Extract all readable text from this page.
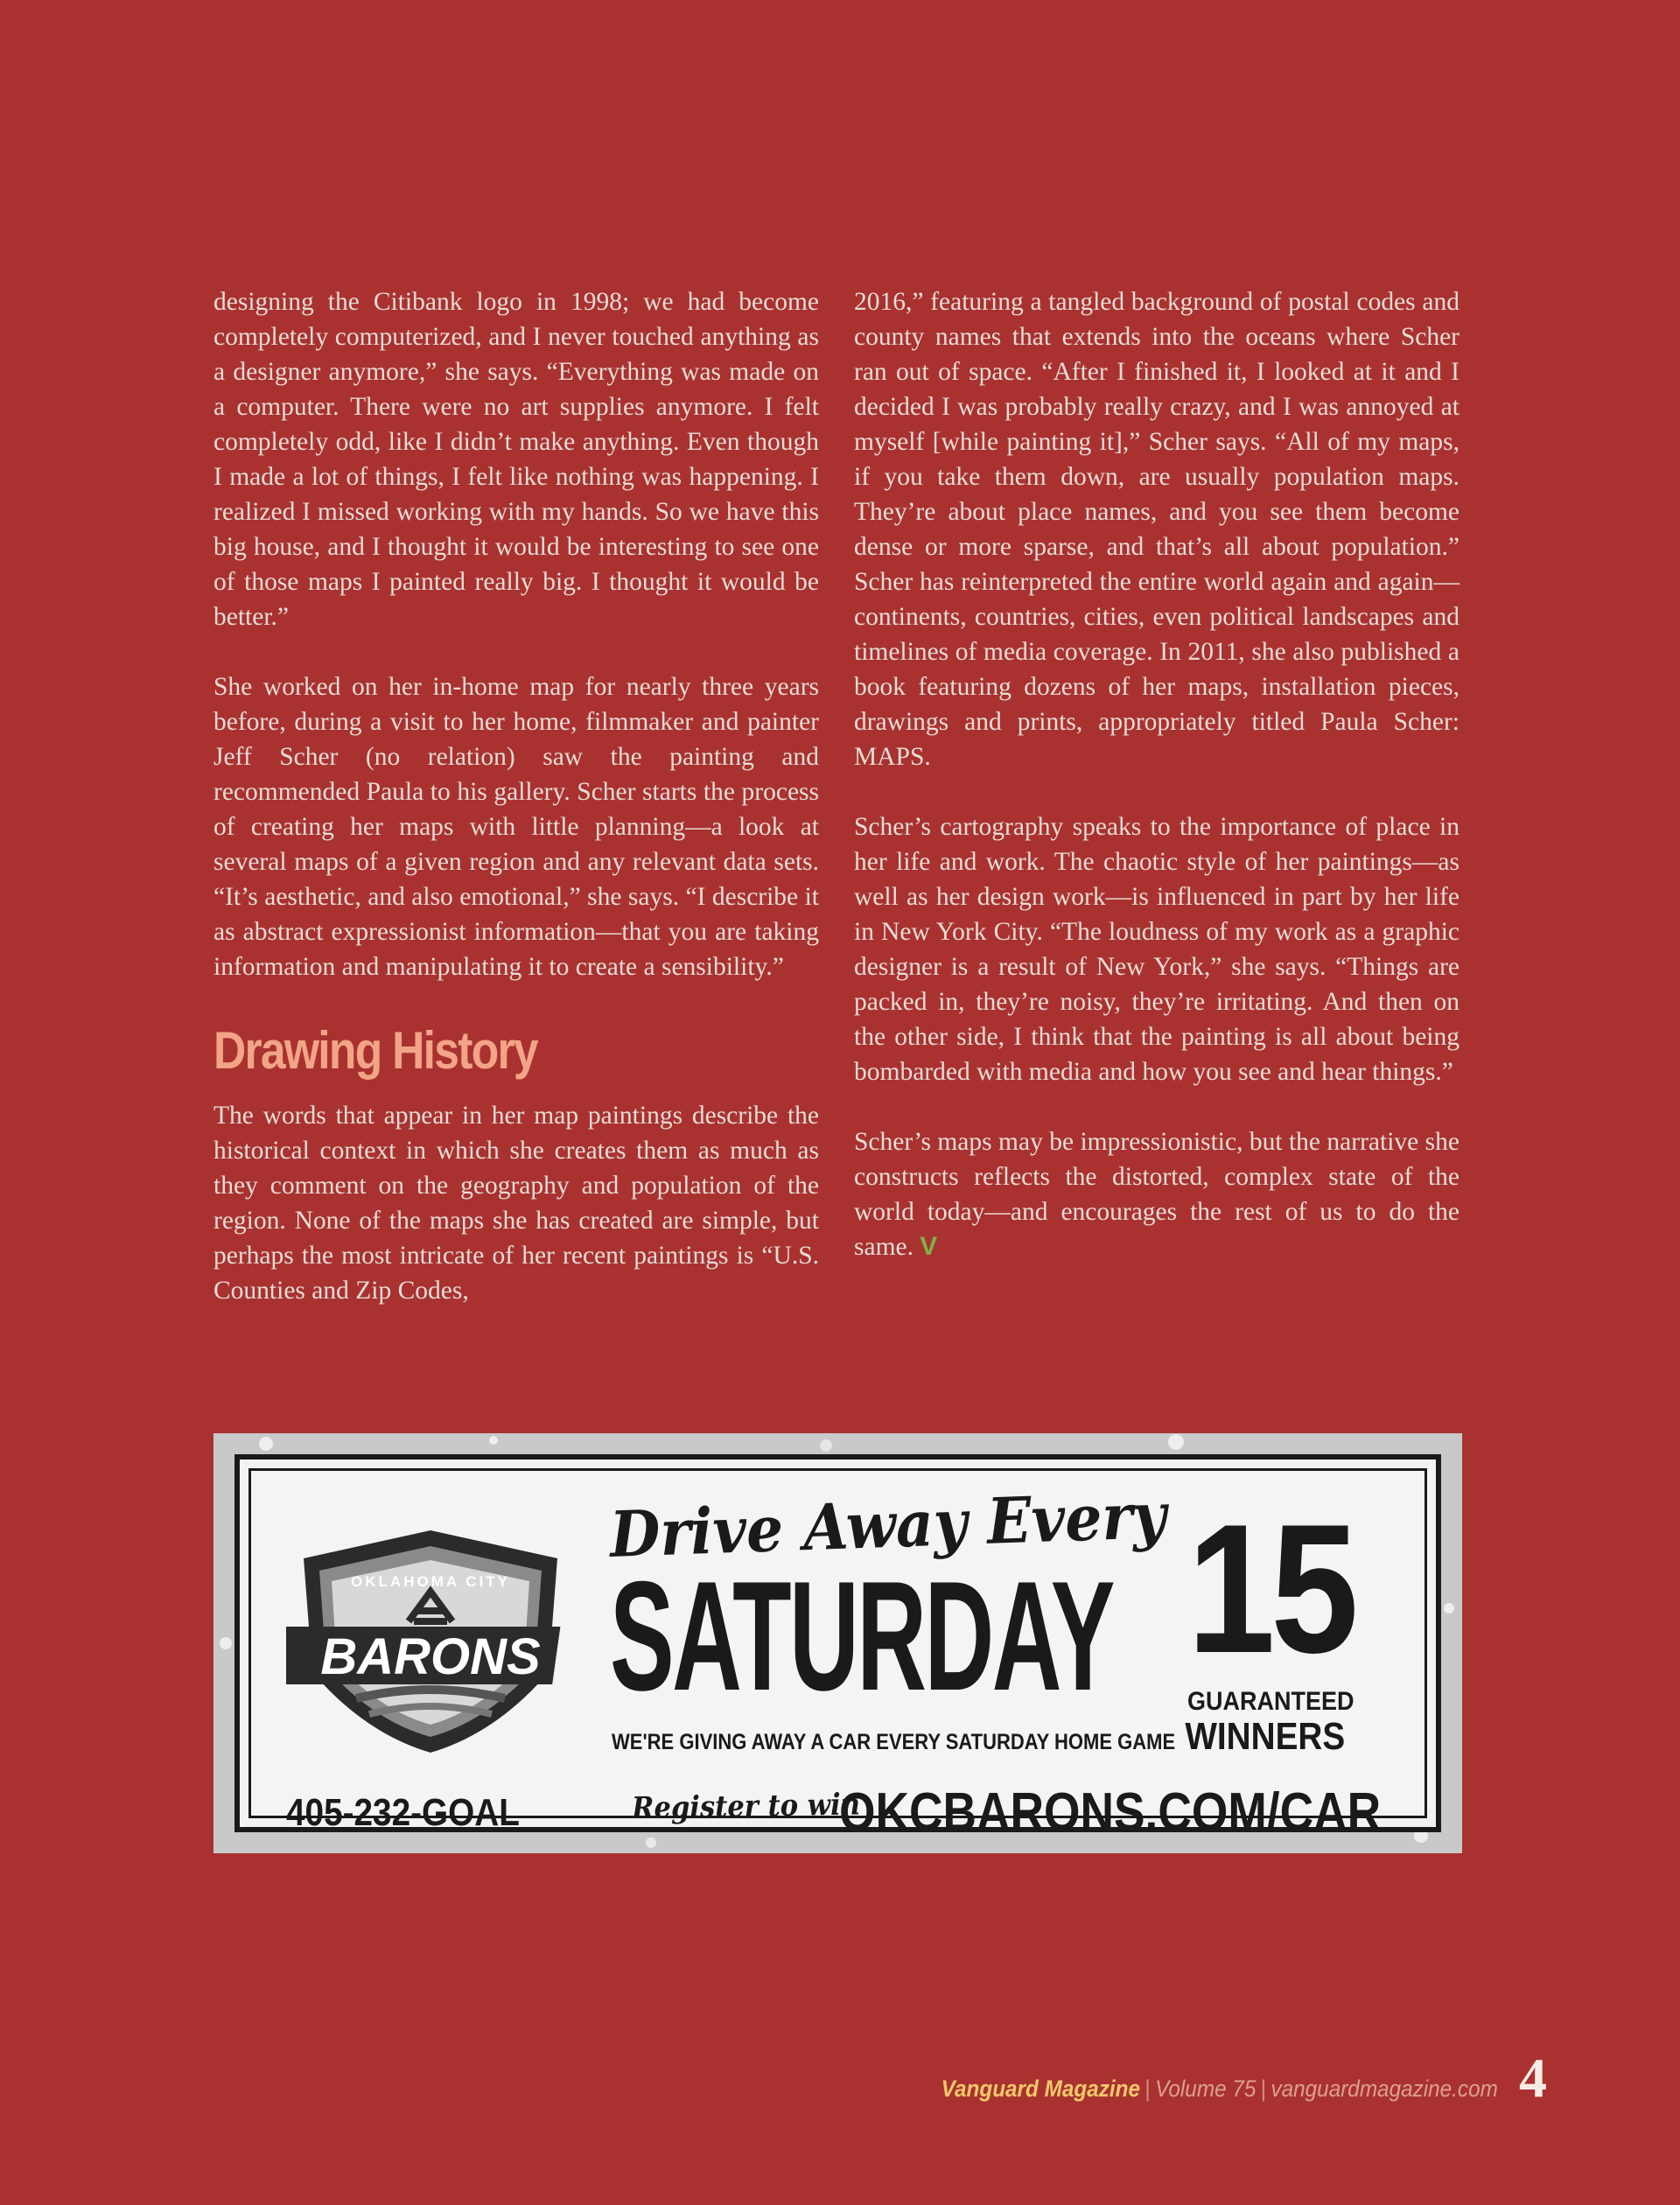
designing the Citibank logo in 1998; we had become completely computerized, and I never touched anything as a designer anymore,” she says. “Everything was made on a computer. There were no art supplies anymore. I felt completely odd, like I didn’t make anything. Even though I made a lot of things, I felt like nothing was happening. I realized I missed working with my hands. So we have this big house, and I thought it would be interesting to see one of those maps I painted really big. I thought it would be better.”

She worked on her in-home map for nearly three years before, during a visit to her home, filmmaker and painter Jeff Scher (no relation) saw the painting and recommended Paula to his gallery. Scher starts the process of creating her maps with little planning—a look at several maps of a given region and any relevant data sets. “It’s aesthetic, and also emotional,” she says. “I describe it as abstract expressionist information—that you are taking information and manipulating it to create a sensibility.”

Drawing History

The words that appear in her map paintings describe the historical context in which she creates them as much as they comment on the geography and population of the region. None of the maps she has created are simple, but perhaps the most intricate of her recent paintings is “U.S. Counties and Zip Codes,

2016,” featuring a tangled background of postal codes and county names that extends into the oceans where Scher ran out of space. “After I finished it, I looked at it and I decided I was probably really crazy, and I was annoyed at myself [while painting it],” Scher says. “All of my maps, if you take them down, are usually population maps. They’re about place names, and you see them become dense or more sparse, and that’s all about population.” Scher has reinterpreted the entire world again and again—continents, countries, cities, even political landscapes and timelines of media coverage. In 2011, she also published a book featuring dozens of her maps, installation pieces, drawings and prints, appropriately titled Paula Scher: MAPS.

Scher’s cartography speaks to the importance of place in her life and work. The chaotic style of her paintings—as well as her design work—is influenced in part by her life in New York City. “The loudness of my work as a graphic designer is a result of New York,” she says. “Things are packed in, they’re noisy, they’re irritating. And then on the other side, I think that the painting is all about being bombarded with media and how you see and hear things.”

Scher’s maps may be impressionistic, but the narrative she constructs reflects the distorted, complex state of the world today—and encourages the rest of us to do the same. V

BARONS
OKLAHOMA CITY
Drive Away Every
SATURDAY
WE'RE GIVING AWAY A CAR EVERY SATURDAY HOME GAME
15
GUARANTEED
WINNERS
405-232-GOAL	Register to win
OKCBARONS.COM/CAR
Vanguard Magazine | Volume 75 | vanguardmagazine.com 4
